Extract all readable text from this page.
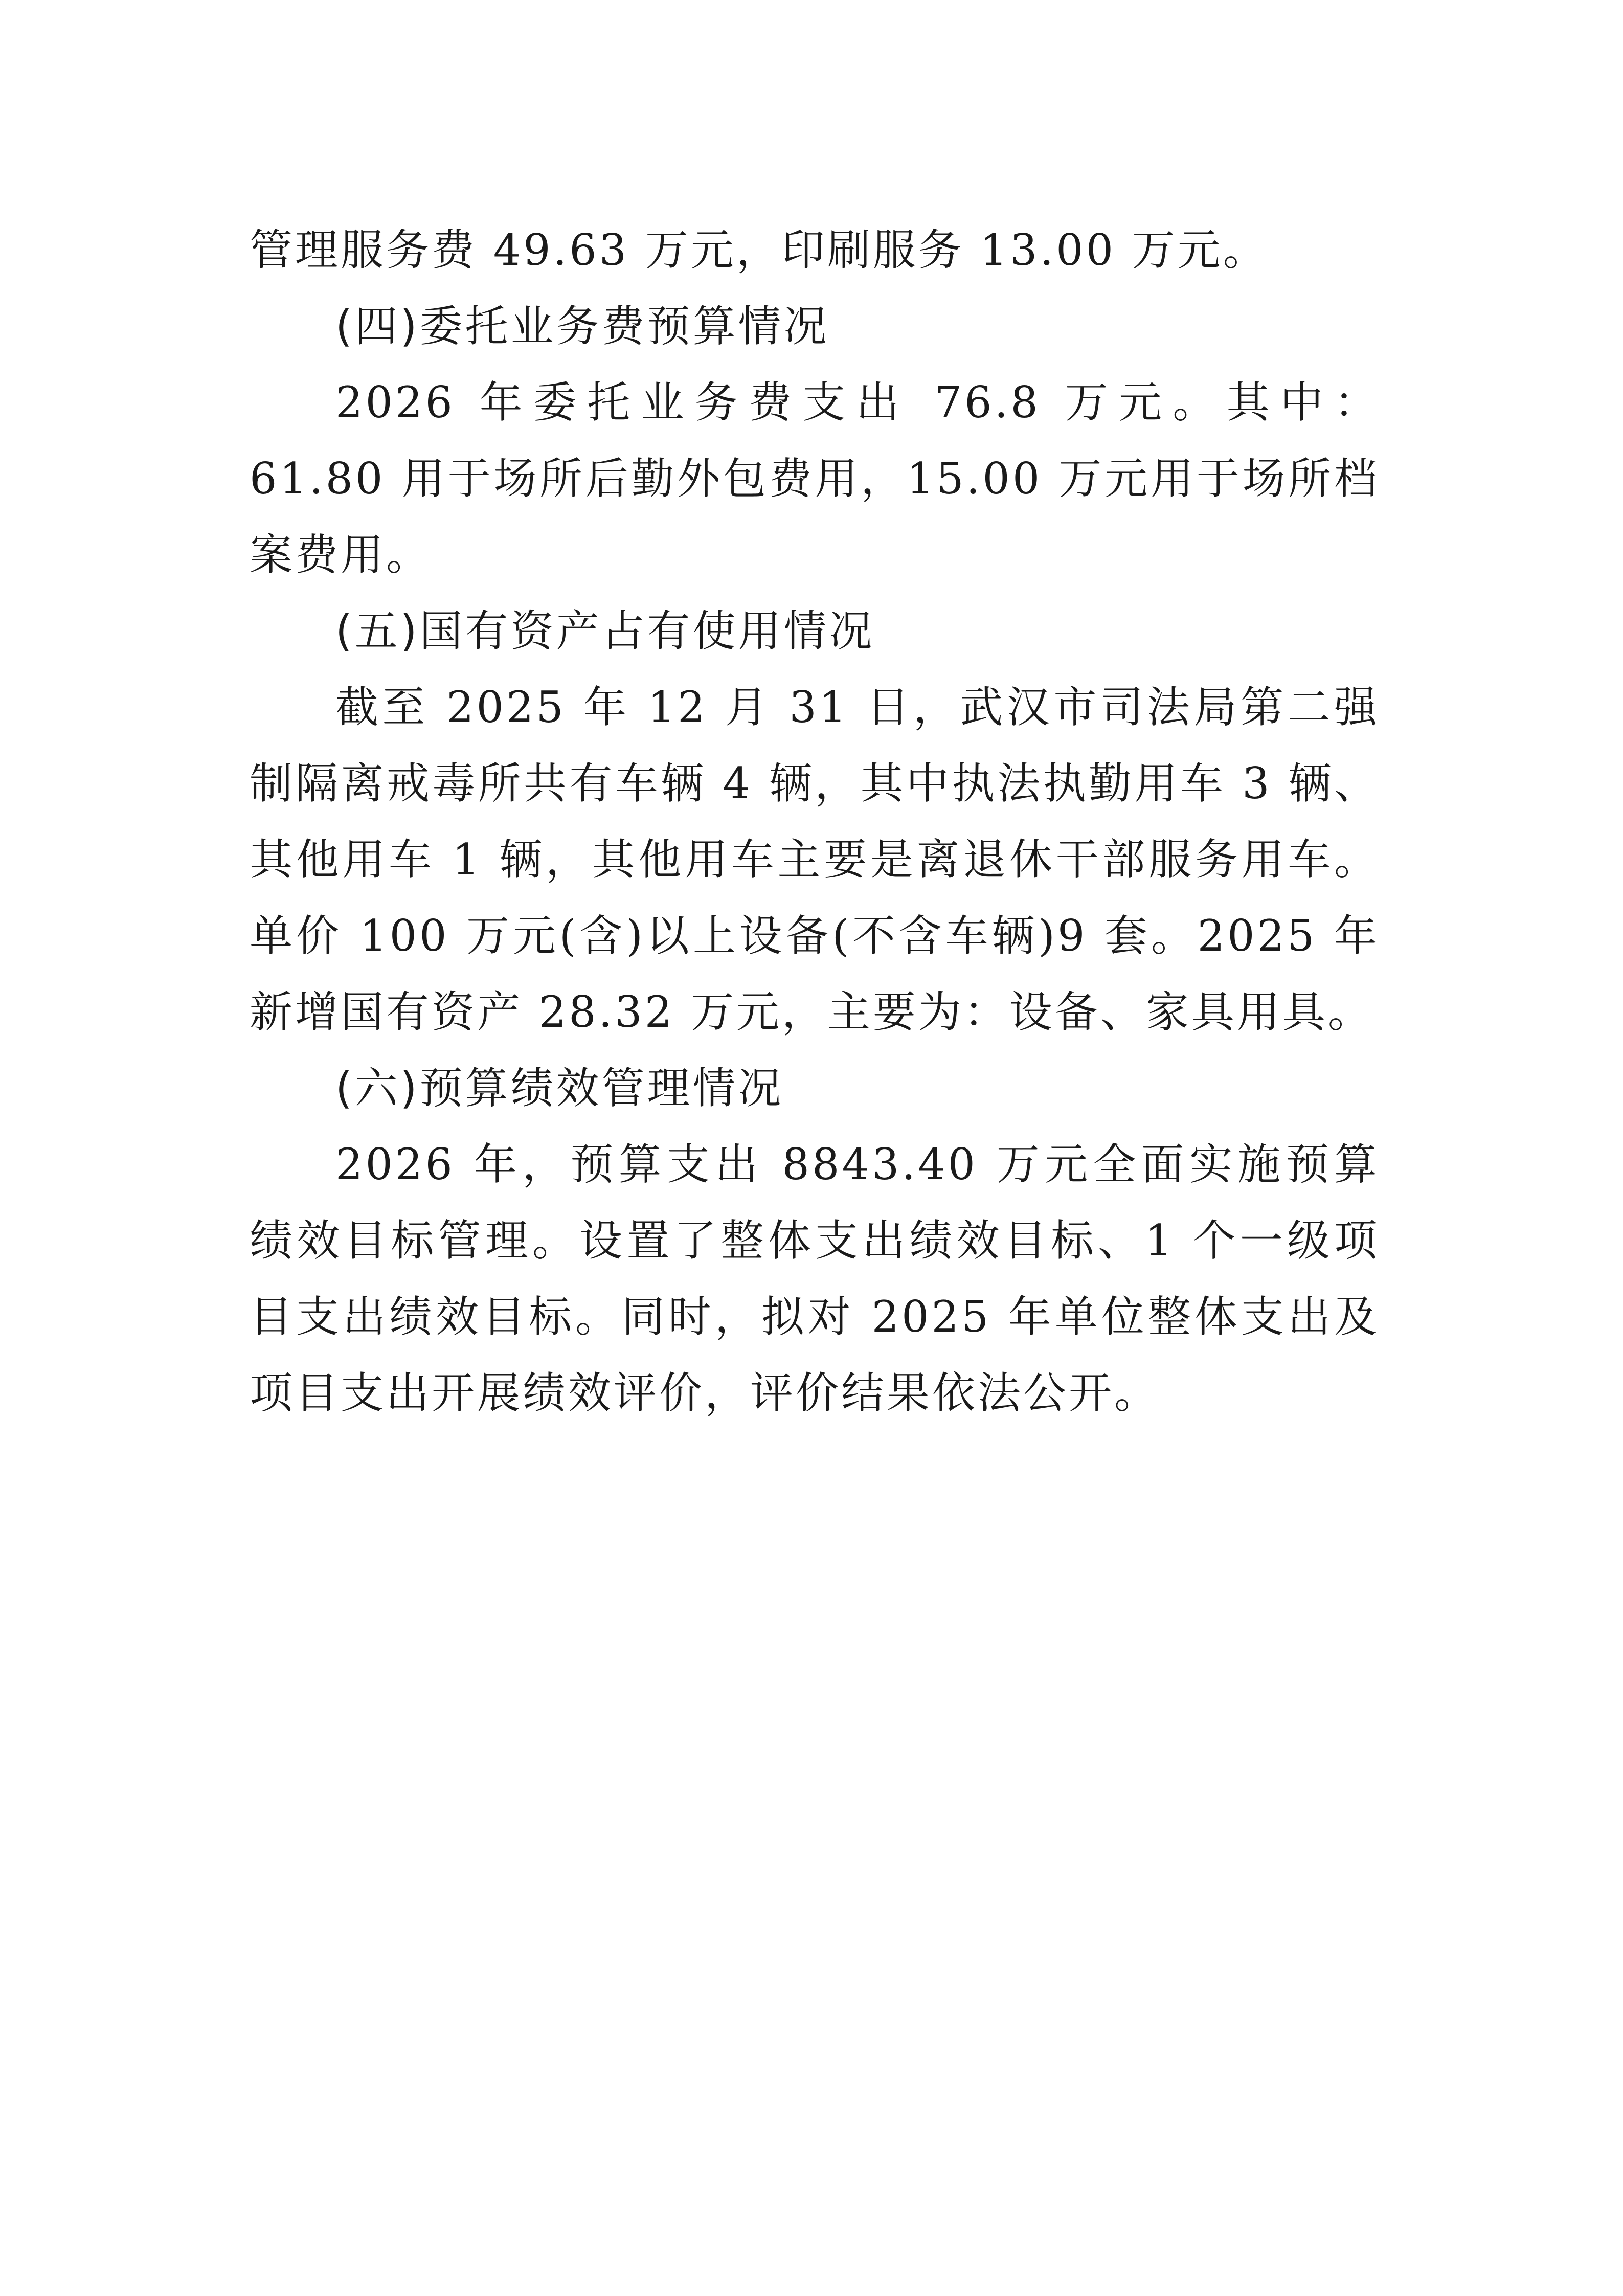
管理服务费 49.63 万元，印刷服务 13.00 万元。

(四)委托业务费预算情况

2026 年委托业务费支出 76.8 万元。其中：61.80 用于场所后勤外包费用，15.00 万元用于场所档案费用。

(五)国有资产占有使用情况

截至 2025 年 12 月 31 日，武汉市司法局第二强制隔离戒毒所共有车辆 4 辆，其中执法执勤用车 3 辆、其他用车 1 辆，其他用车主要是离退休干部服务用车。单价 100 万元(含)以上设备(不含车辆)9 套。2025 年新增国有资产 28.32 万元，主要为：设备、家具用具。

(六)预算绩效管理情况

2026 年，预算支出 8843.40 万元全面实施预算绩效目标管理。设置了整体支出绩效目标、1 个一级项目支出绩效目标。同时，拟对 2025 年单位整体支出及项目支出开展绩效评价，评价结果依法公开。
